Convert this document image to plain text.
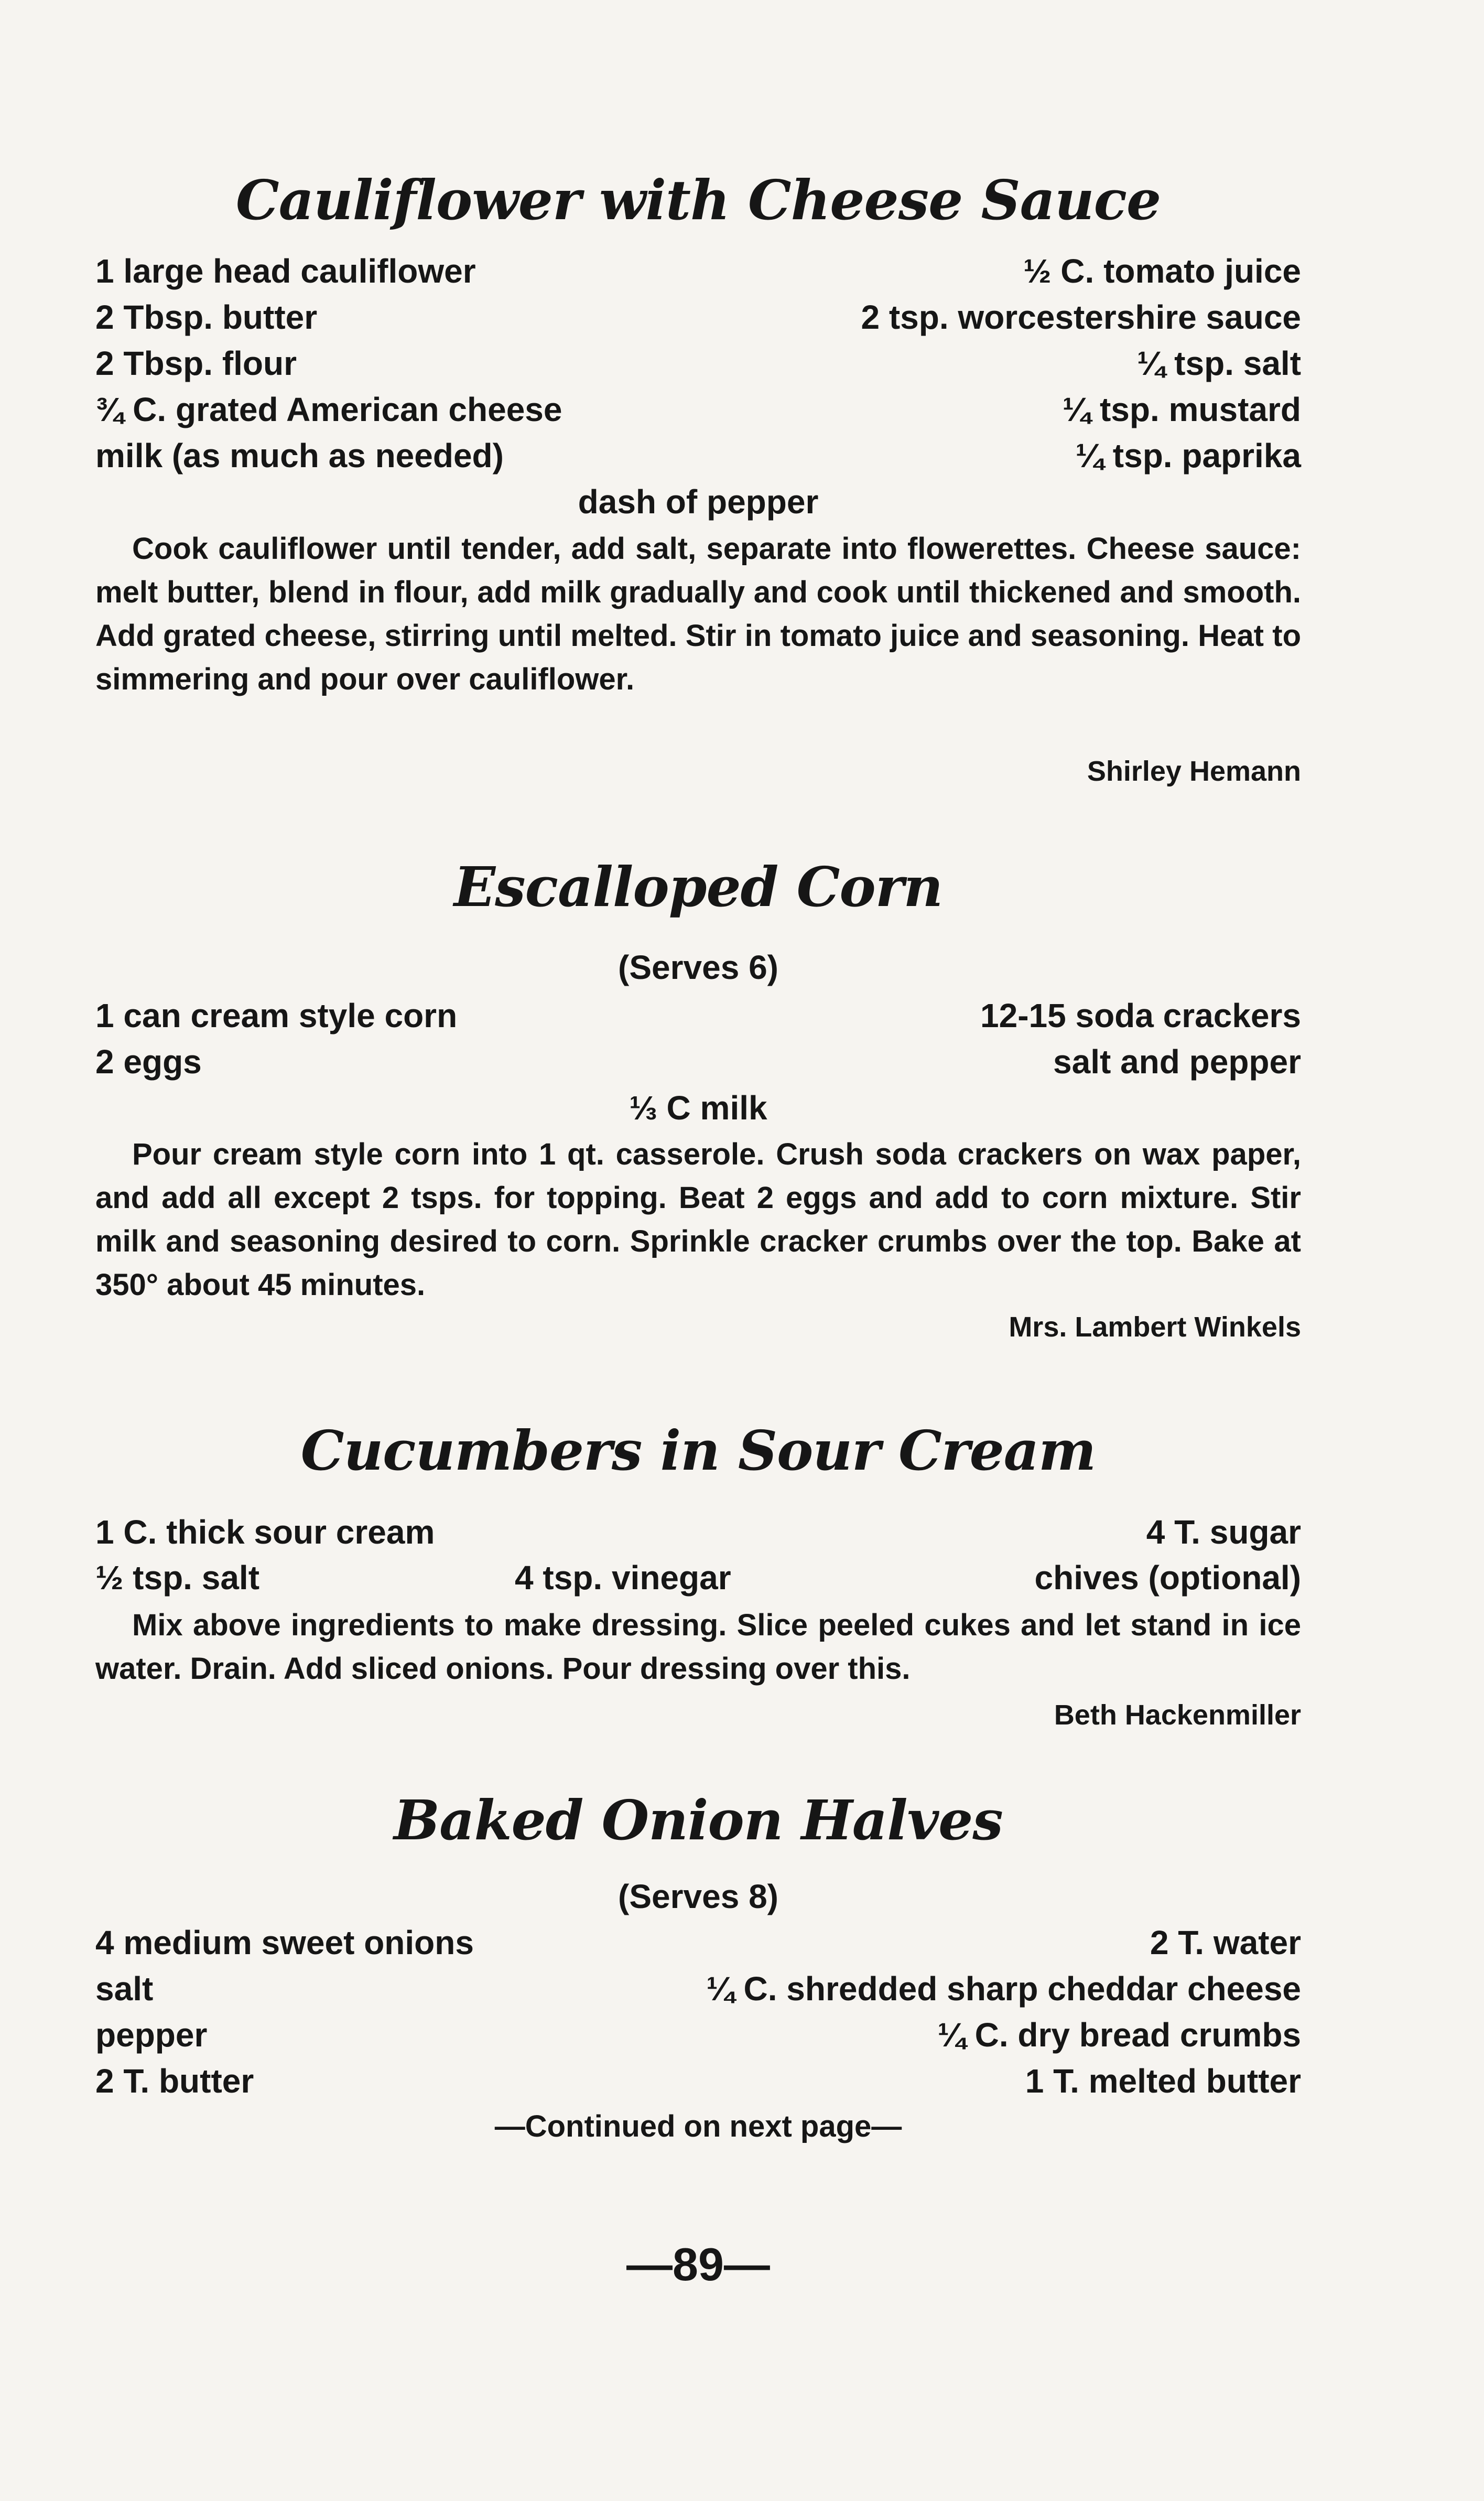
Cauliflower with Cheese Sauce
1 large head cauliflower	½ C. tomato juice
2 Tbsp. butter	2 tsp. worcestershire sauce
2 Tbsp. flour	¼ tsp. salt
¾ C. grated American cheese	¼ tsp. mustard
milk (as much as needed)	¼ tsp. paprika
dash of pepper
Cook cauliflower until tender, add salt, separate into flowerettes. Cheese sauce: melt butter, blend in flour, add milk gradually and cook until thickened and smooth. Add grated cheese, stirring until melted. Stir in tomato juice and seasoning. Heat to simmering and pour over cauliflower.
Shirley Hemann
Escalloped Corn
(Serves 6)
1 can cream style corn	12-15 soda crackers
2 eggs	salt and pepper
⅓ C milk
Pour cream style corn into 1 qt. casserole. Crush soda crackers on wax paper, and add all except 2 tsps. for topping. Beat 2 eggs and add to corn mixture. Stir milk and seasoning desired to corn. Sprinkle cracker crumbs over the top. Bake at 350° about 45 minutes.
Mrs. Lambert Winkels
Cucumbers in Sour Cream
1 C. thick sour cream	4 T. sugar
½ tsp. salt	4 tsp. vinegar	chives (optional)
Mix above ingredients to make dressing. Slice peeled cukes and let stand in ice water. Drain. Add sliced onions. Pour dressing over this.
Beth Hackenmiller
Baked Onion Halves
(Serves 8)
4 medium sweet onions	2 T. water
salt	¼ C. shredded sharp cheddar cheese
pepper	¼ C. dry bread crumbs
2 T. butter	1 T. melted butter
—Continued on next page—
—89—
